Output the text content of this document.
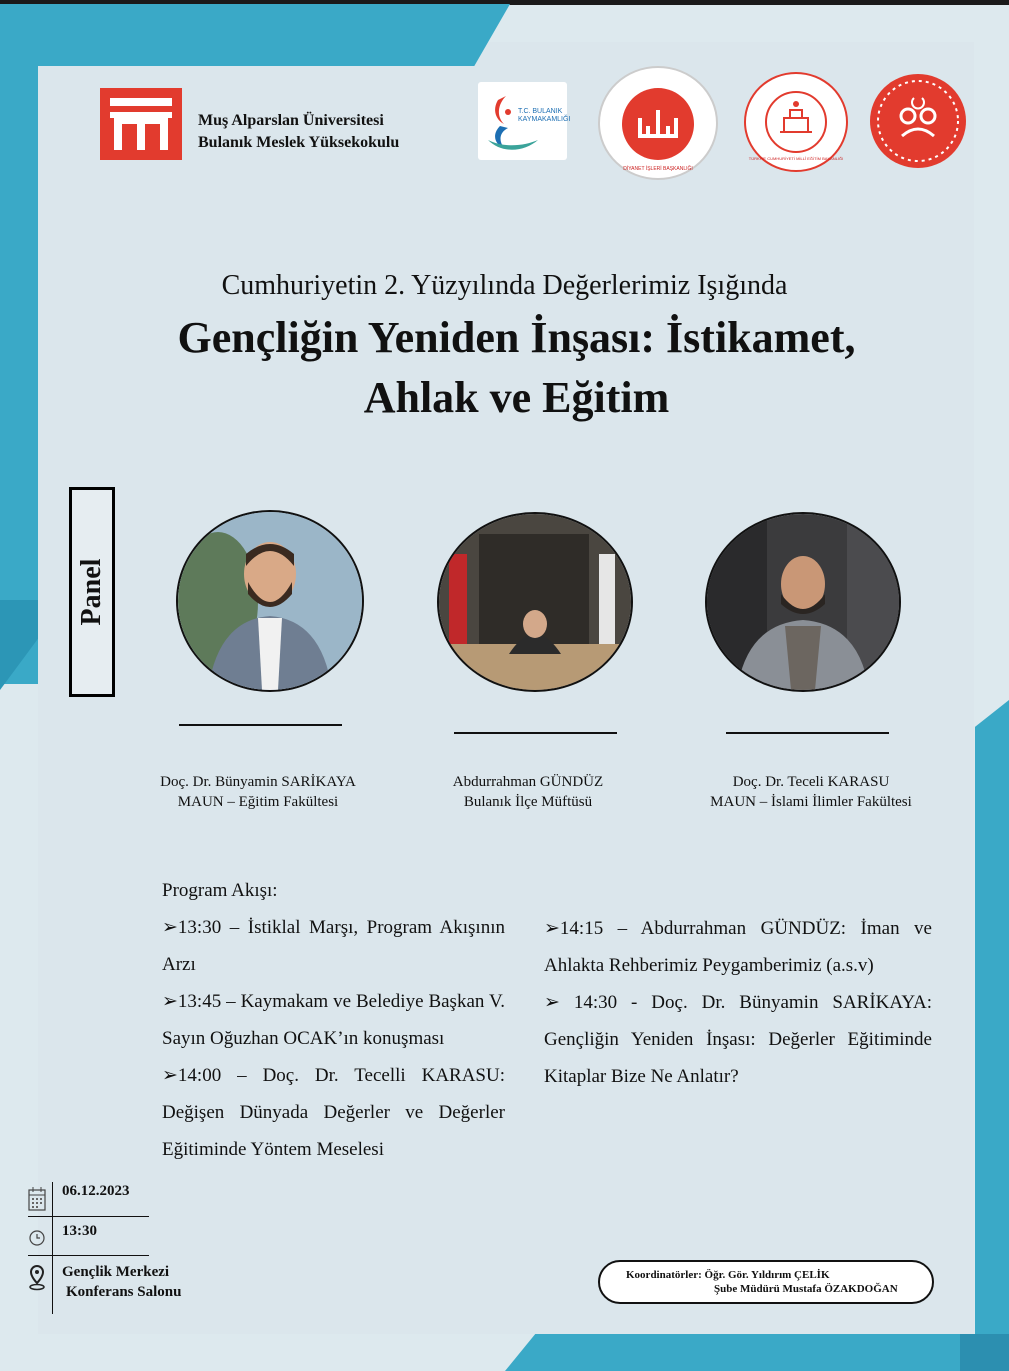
Muş Alparslan Üniversitesi
Bulanık Meslek Yüksekokulu
T.C. BULANIK KAYMAKAMLIĞI
DİYANET İŞLERİ BAŞKANLIĞI
TÜRKİYE CUMHURİYETİ MİLLÎ EĞİTİM BAKANLIĞI
Cumhuriyetin 2. Yüzyılında Değerlerimiz Işığında
Gençliğin Yeniden İnşası: İstikamet,
Ahlak ve Eğitim
Panel
Doç. Dr. Bünyamin SARİKAYA
MAUN – Eğitim Fakültesi
Abdurrahman GÜNDÜZ
Bulanık İlçe Müftüsü
Doç. Dr. Teceli KARASU
MAUN – İslami İlimler Fakültesi

Program Akışı:

➢13:30 – İstiklal Marşı, Program Akışının Arzı

➢13:45 – Kaymakam ve Belediye Başkan V. Sayın Oğuzhan OCAK’ın konuşması

➢14:00 – Doç. Dr. Tecelli KARASU: Değişen Dünyada Değerler ve Değerler Eğitiminde Yöntem Meselesi

➢14:15 – Abdurrahman GÜNDÜZ: İman ve Ahlakta Rehberimiz Peygamberimiz (a.s.v)

➢ 14:30 - Doç. Dr. Bünyamin SARİKAYA: Gençliğin Yeniden İnşası: Değerler Eğitiminde Kitaplar Bize Ne Anlatır?

06.12.2023
13:30
Gençlik Merkezi
Konferans Salonu
Koordinatörler: Öğr. Gör. Yıldırım ÇELİK
Şube Müdürü Mustafa ÖZAKDOĞAN
